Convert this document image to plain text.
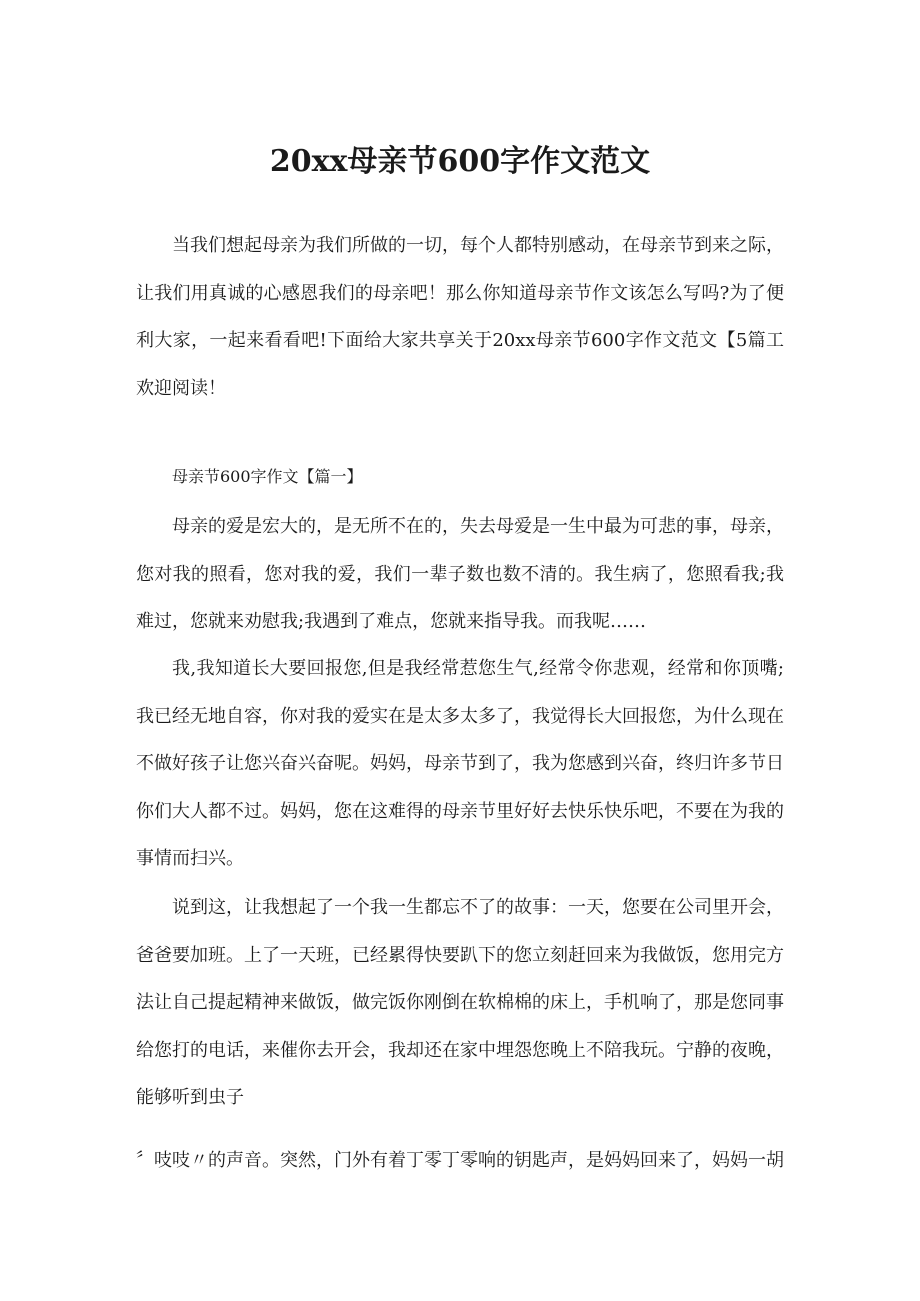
20xx母亲节600字作文范文
当我们想起母亲为我们所做的一切，每个人都特别感动，在母亲节到来之际，让我们用真诚的心感恩我们的母亲吧！那么你知道母亲节作文该怎么写吗?为了便利大家，一起来看看吧!下面给大家共享关于20xx母亲节600字作文范文【5篇工欢迎阅读！
母亲节600字作文【篇一】
母亲的爱是宏大的，是无所不在的，失去母爱是一生中最为可悲的事，母亲，您对我的照看，您对我的爱，我们一辈子数也数不清的。我生病了，您照看我;我难过，您就来劝慰我;我遇到了难点，您就来指导我。而我呢……
我,我知道长大要回报您,但是我经常惹您生气,经常令你悲观，经常和你顶嘴;我已经无地自容，你对我的爱实在是太多太多了，我觉得长大回报您，为什么现在不做好孩子让您兴奋兴奋呢。妈妈，母亲节到了，我为您感到兴奋，终归许多节日你们大人都不过。妈妈，您在这难得的母亲节里好好去快乐快乐吧，不要在为我的事情而扫兴。
说到这，让我想起了一个我一生都忘不了的故事：一天，您要在公司里开会，爸爸要加班。上了一天班，已经累得快要趴下的您立刻赶回来为我做饭，您用完方法让自己提起精神来做饭，做完饭你刚倒在软棉棉的床上，手机响了，那是您同事给您打的电话，来催你去开会，我却还在家中埋怨您晚上不陪我玩。宁静的夜晚，能够听到虫子
〞吱吱〃的声音。突然，门外有着丁零丁零响的钥匙声，是妈妈回来了，妈妈一胡
